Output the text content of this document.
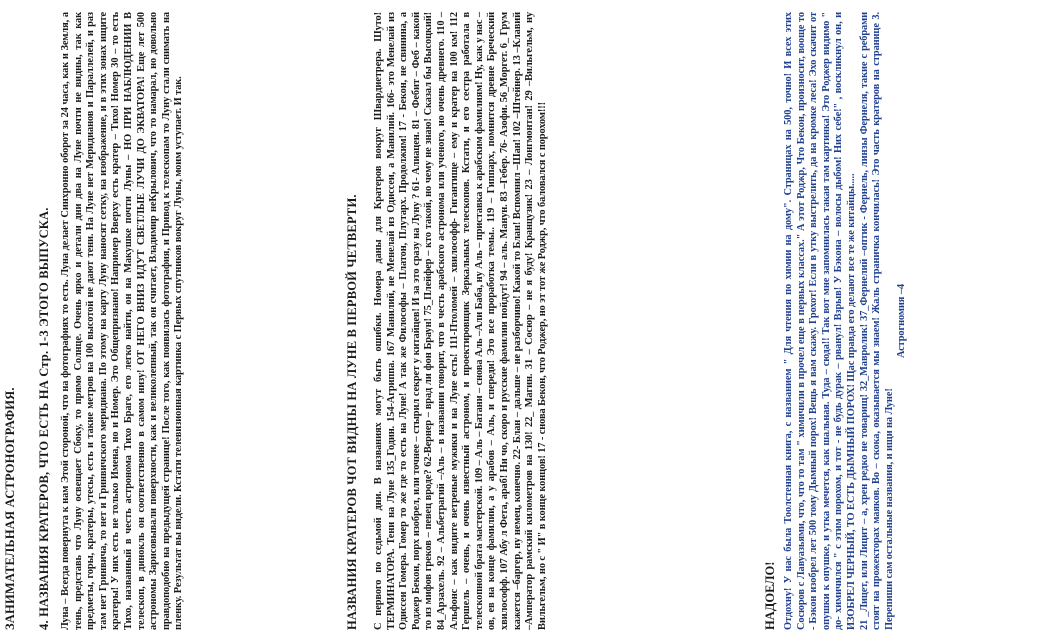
ЗАНИМАТЕЛЬНАЯ АСТРОНОГРАФИЯ. 4. НАЗВАНИЯ КРАТЕРОВ, ЧТО ЕСТЬ НА Стр. 1-3 ЭТОГО ВЫПУСКА. Луна – Всегда повернута к нам Этой стороной, что на фотографиях то есть. Луна делает Синхронно оборот за 24 часа, как и Земля, а тень, представь что Луну освещает Сбоку, то прямо Солнце. Очень ярко и детали дни два на Луне почти не видны, так как предметы, горы, кратеры, утесы, есть и такие метров на 100 высотой не дают тени. На Луне нет Меридианов и Параллелей, и раз там нет Гринвича, то нет и Гринвичского меридиана. По этому на карту Луну наносят сетку, на изображение, и в этих зонах ищите кратеры! У них есть не только Имена, но и Номер. Это Общепризнано! Например Вверху есть кратер – Тихо! Номер 30 – то есть Тихо, названный в честь астронома Тихо Браге, его легко найти, он на Макушке почти Луны – НО ПРИ НАБЛЮДЕНИИ В телескоп, в динокль он соответственно в самом низу! ОТ НЕГО ВНИЗ ИДУТ СВЕТЛЫЕ ЛУЧИ ДО ЭКВАТОРА! Еще лет 500 астрономы Зарисовывали поверхности, как и великолепный, так он считает, Владимир неКрылович, что то намарал, но довольно правдоподобно на предыдущей странице! После того, как появилась фотография, и Привод к телескопам то Луну стали снимать на пленку. Результат вы видели. Кстати телевизионная картинка с Первых спутников вокруг Луны, моим уступает. И так.	НАЗВАНИЯ КРАТЕРОВ ЧОТ ВИДНЫ НА ЛУНЕ В ПЕРВОЙ ЧЕТВЕРТИ. С первого по седьмой дни. В названиях могут быть ошибки. Номера даны для Кратеров вокруг Швардиетрера. Шуто! ТЕРМИНАТОРА. Тени на Луне 135_Годин. 154-Агриппа. 167 Манилий, не Менелай из Одиссеи, а Манилий. 166- это Менелай из Одиссеи Гомера. Гомер то же где то есть на Луне! А так же Философы – Платон, Плутарх. Продолжим! 17 - Бекон, не свинина, а Роджер Бекон, порх изобрел, или точнее – стырил секрет у китайцев! И за это сразу на Луну ? 61- Алиацен. 81 – Фебит – Феб – какой то из мифов греков – певец вроде? 62-Вернер – врад ли фон Браун! 75_Плейфер – кто такой, но чему не знаю! Сказал бы Высоцкий! 84_Арзахель. 92 – Альбетрагий –Аль – в названии говорит, что в честь арабского астронома или ученого, но очень древнего. 110 – Альфонс – как видите ветреные мужики и на Луне есть! 111-Птоломей – хвилософф- Гигантище – ему и кратер на 100 км! 112 Гершель – очень, и очень известный астроном, и проектировщик Зеркальных телескопов. Кстати, и его сестра работала в телескопной брата мастерской. 109 – Аль – Батани – снова Аль –Али Баба, ну Аль – приставка к арабским фамилиям! Ну, как у нас – ов, ев на конце фамилии, а у арабов – Аль, и спереди! Это все проработка темы.. 119 – Гиппарх, помнится древне Бреческий хвилософф. 107 Абу л Фета, араб! Ни чо, скоро и русские фамилии пойдут! 94 – аль. Манун. 83 –Гебер. 76- Азофи. 56_Моргет. 6_ Грум кажется –баргер, ну немец, конечно. 22- Блан – дальше – не разборчиво! Какой то Блан! Вспомнил –Шан! 102 –Штейнер. 13 –Клавий –Амператор рамский километров на 130! 22_ Магин. 31 – Сосюр – не я буду! Кранцузик! 23 – Лонгмонтан! 29 –Вильгельм, ну Вильгельм, но с " И" в конце концов! 17 - снова Бекон, что Роджер, но эт тот же Роджр, что баловался с порохом!!!	НАДОЕЛО! Отдохну! У нас была Тоолстенная книга, с названием " Для чтения по химии на дому". Страницах на 500, точно! И всех этих Сосюров с Лавуазьями, что, что то там " химичили в прочел еще в первых классах." А этот Роджр, Что Бекон, произносит, вооще то - Бэкон изобрел лет 500 тому Дымный порох! Вещь я вам скажу. Грохот! Если в утку выстрелить, да на кромке леса! Эхо скачит от опушки к опушке, и утка мечется, как шальная. Туда – сюда!! Так вот мне запомнилась такая там картинка! Это Роджер видимо " до- химичился " с этим порохом, и тот - не будь дурак – рванул! Взрыв! У Бэкона – волосы дыбом! Них себе!" , воскликнул он, и ИЗОБРЕЛ ЧЕРНЫЙ, ТО ЕСТЬ ДЫМНЫЙ ПОРОХ! Щас правда его делают все те же китайцы.....
21 _Лицет, или Лицит – а, хрен редко не товарищ! 32_Мавролик! 37_Фернелий –оптик - Фернель, линзы Фернеля, такие с ребрами стоят на прожекторах маяков. Во – скока, оказывается мы знаем! Жаль страничка кончилась! Это часть кратеров на странице 3. Перепиши сам остальные названия, и ищи на Луне!
Астрогномия –4
